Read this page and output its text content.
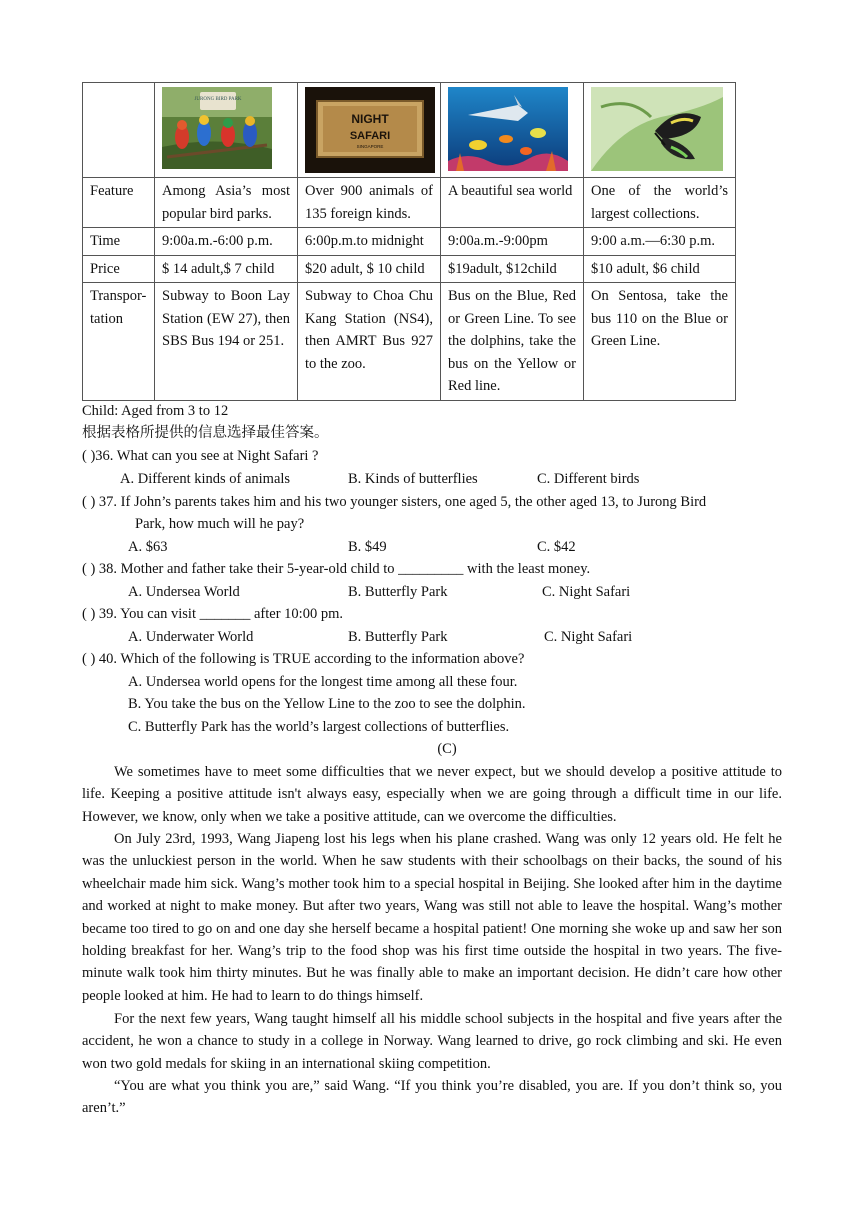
JURONG BIRD PARK	NIGHT
SAFARI
SINGAPORE

Feature	Among Asia’s most popular bird parks.	Over 900 animals of 135 foreign kinds.	A beautiful sea world	One of the world’s largest collections.
Time	9:00a.m.-6:00 p.m.	6:00p.m.to midnight	9:00a.m.-9:00pm	9:00 a.m.—6:30 p.m.
Price	$ 14 adult,$ 7 child	$20 adult, $ 10 child	$19adult, $12child	$10 adult, $6 child
Transpor-tation	Subway to Boon Lay Station (EW 27), then SBS Bus 194 or 251.	Subway to Choa Chu Kang Station (NS4), then AMRT Bus 927 to the zoo.	Bus on the Blue, Red or Green Line. To see the dolphins, take the bus on the Yellow or Red line.	On Sentosa, take the bus 110 on the Blue or Green Line.
Child: Aged from 3 to 12
根据表格所提供的信息选择最佳答案。
( )36. What can you see at Night Safari ?
A. Different kinds of animals	B. Kinds of butterflies	C. Different birds
( ) 37. If John’s parents takes him and his two younger sisters, one aged 5, the other aged 13, to Jurong Bird
Park, how much will he pay?
A. $63	B. $49	C. $42
( ) 38. Mother and father take their 5-year-old child to _________ with the least money.
A. Undersea World	B. Butterfly Park	C. Night Safari
( ) 39. You can visit _______ after 10:00 pm.
A. Underwater World	B. Butterfly Park	C. Night Safari
( ) 40. Which of the following is TRUE according to the information above?
A. Undersea world opens for the longest time among all these four.
B. You take the bus on the Yellow Line to the zoo to see the dolphin.
C. Butterfly Park has the world’s largest collections of butterflies.
(C)
We sometimes have to meet some difficulties that we never expect, but we should develop a positive attitude to life. Keeping a positive attitude isn't always easy, especially when we are going through a difficult time in our life. However, we know, only when we take a positive attitude, can we overcome the difficulties.
On July 23rd, 1993, Wang Jiapeng lost his legs when his plane crashed. Wang was only 12 years old. He felt he was the unluckiest person in the world. When he saw students with their schoolbags on their backs, the sound of his wheelchair made him sick. Wang’s mother took him to a special hospital in Beijing. She looked after him in the daytime and worked at night to make money. But after two years, Wang was still not able to leave the hospital. Wang’s mother became too tired to go on and one day she herself became a hospital patient! One morning she woke up and saw her son holding breakfast for her. Wang’s trip to the food shop was his first time outside the hospital in two years. The five-minute walk took him thirty minutes. But he was finally able to make an important decision. He didn’t care how other people looked at him. He had to learn to do things himself.
For the next few years, Wang taught himself all his middle school subjects in the hospital and five years after the accident, he won a chance to study in a college in Norway. Wang learned to drive, go rock climbing and ski. He even won two gold medals for skiing in an international skiing competition.
“You are what you think you are,” said Wang. “If you think you’re disabled, you are. If you don’t think so, you aren’t.”
